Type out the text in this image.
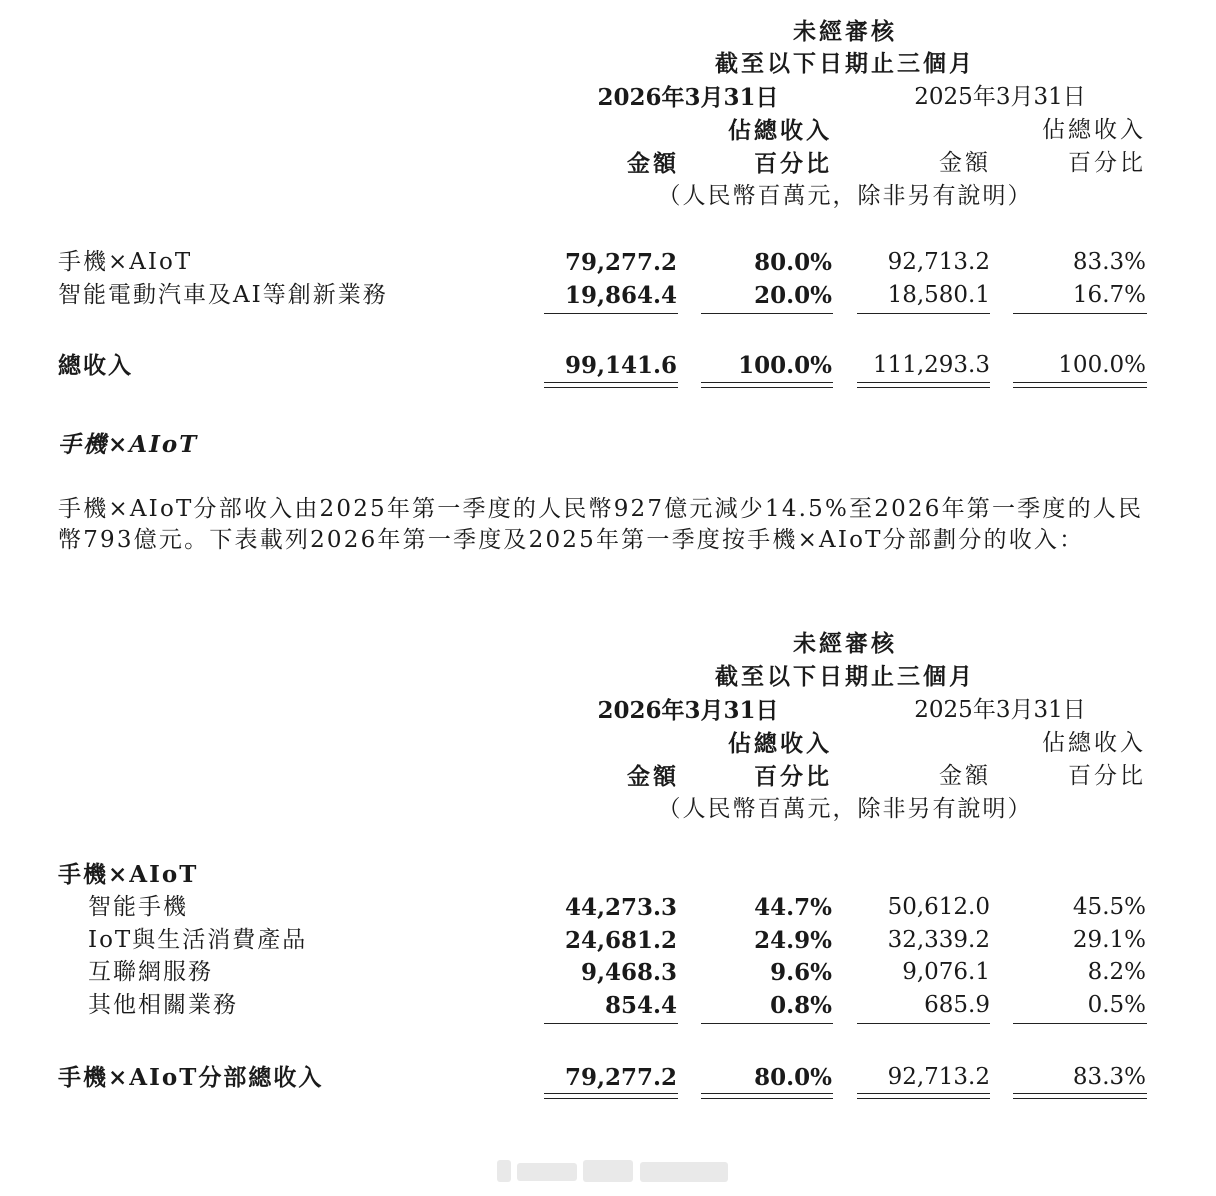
未經審核
截至以下日期止三個月
2026年3月31日	2025年3月31日
佔總收入	佔總收入
金額	百分比	金額	百分比
（人民幣百萬元，除非另有說明）
手機×AIoT	79,277.2	80.0% 92,713.2	83.3%
智能電動汽車及AI等創新業務	19,864.4	20.0% 18,580.1	16.7%
總收入	99,141.6	100.0% 111,293.3	100.0%
手機×AIoT
手機×AIoT分部收入由2025年第一季度的人民幣927億元減少14.5%至2026年第一季度的人民幣793億元。下表載列2026年第一季度及2025年第一季度按手機×AIoT分部劃分的收入：
未經審核
截至以下日期止三個月
2026年3月31日	2025年3月31日
佔總收入	佔總收入
金額	百分比	金額	百分比
（人民幣百萬元，除非另有說明）
手機×AIoT
智能手機	44,273.3	44.7% 50,612.0	45.5%
IoT與生活消費產品	24,681.2	24.9% 32,339.2	29.1%
互聯網服務	9,468.3	9.6%	9,076.1	8.2%
其他相關業務	854.4	0.8%	685.9	0.5%
手機×AIoT分部總收入	79,277.2	80.0% 92,713.2	83.3%
